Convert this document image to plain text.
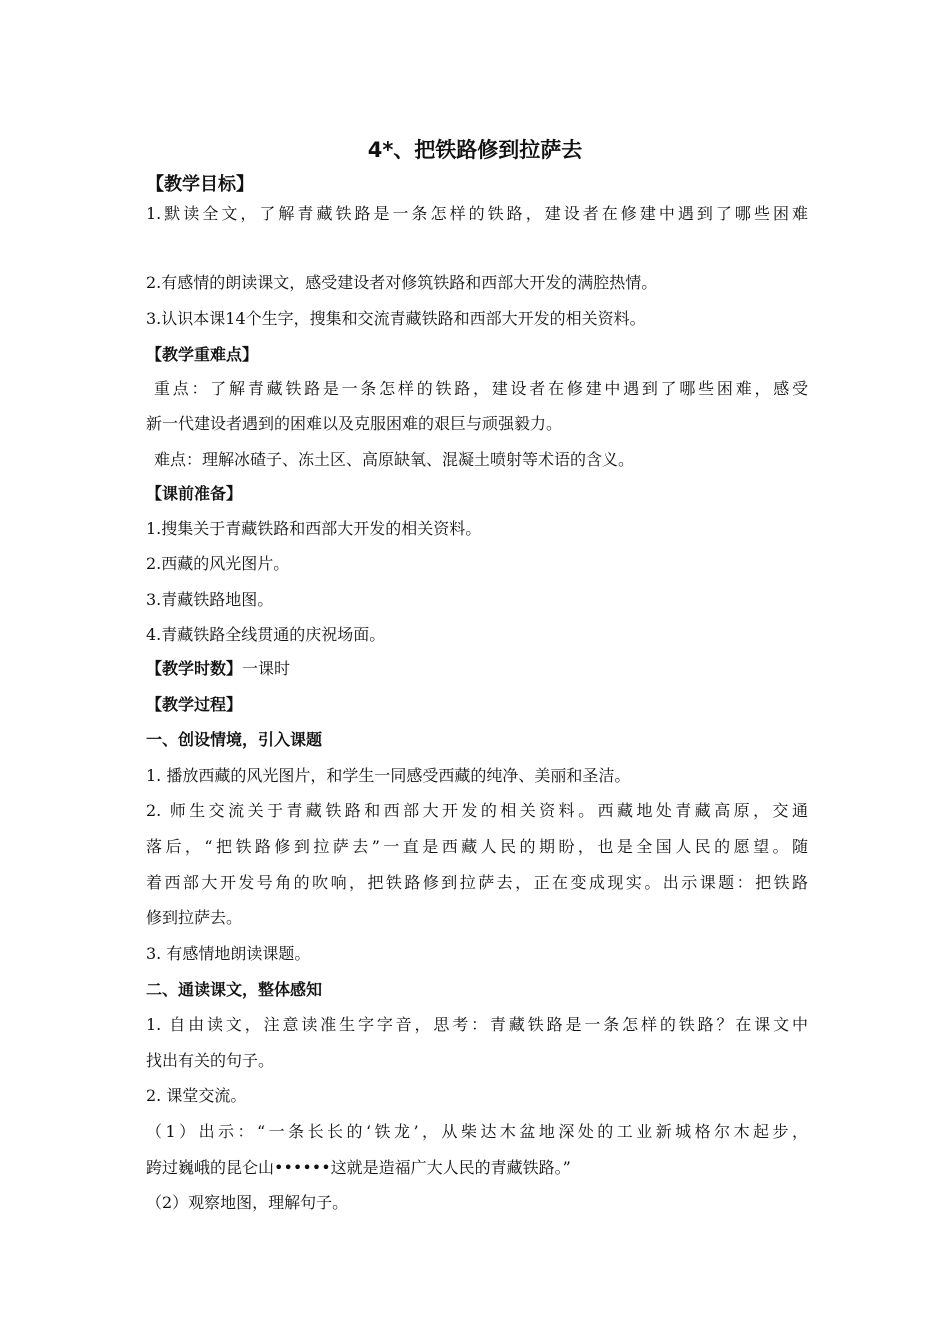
4*、把铁路修到拉萨去
【教学目标】
1.默读全文，了解青藏铁路是一条怎样的铁路，建设者在修建中遇到了哪些困难
2.有感情的朗读课文，感受建设者对修筑铁路和西部大开发的满腔热情。
3.认识本课14个生字，搜集和交流青藏铁路和西部大开发的相关资料。
【教学重难点】
重点：了解青藏铁路是一条怎样的铁路，建设者在修建中遇到了哪些困难，感受
新一代建设者遇到的困难以及克服困难的艰巨与顽强毅力。
难点：理解冰碴子、冻土区、高原缺氧、混凝土喷射等术语的含义。
【课前准备】
1.搜集关于青藏铁路和西部大开发的相关资料。
2.西藏的风光图片。
3.青藏铁路地图。
4.青藏铁路全线贯通的庆祝场面。
【教学时数】一课时
【教学过程】
一、创设情境，引入课题
1. 播放西藏的风光图片，和学生一同感受西藏的纯净、美丽和圣洁。
2. 师生交流关于青藏铁路和西部大开发的相关资料。西藏地处青藏高原，交通
落后，“把铁路修到拉萨去”一直是西藏人民的期盼，也是全国人民的愿望。随
着西部大开发号角的吹响，把铁路修到拉萨去，正在变成现实。出示课题：把铁路
修到拉萨去。
3. 有感情地朗读课题。
二、通读课文，整体感知
1. 自由读文，注意读准生字字音，思考：青藏铁路是一条怎样的铁路？在课文中
找出有关的句子。
2. 课堂交流。
（1）出示：“一条长长的‘铁龙’，从柴达木盆地深处的工业新城格尔木起步，
跨过巍峨的昆仑山••••••这就是造福广大人民的青藏铁路。”
（2）观察地图，理解句子。
